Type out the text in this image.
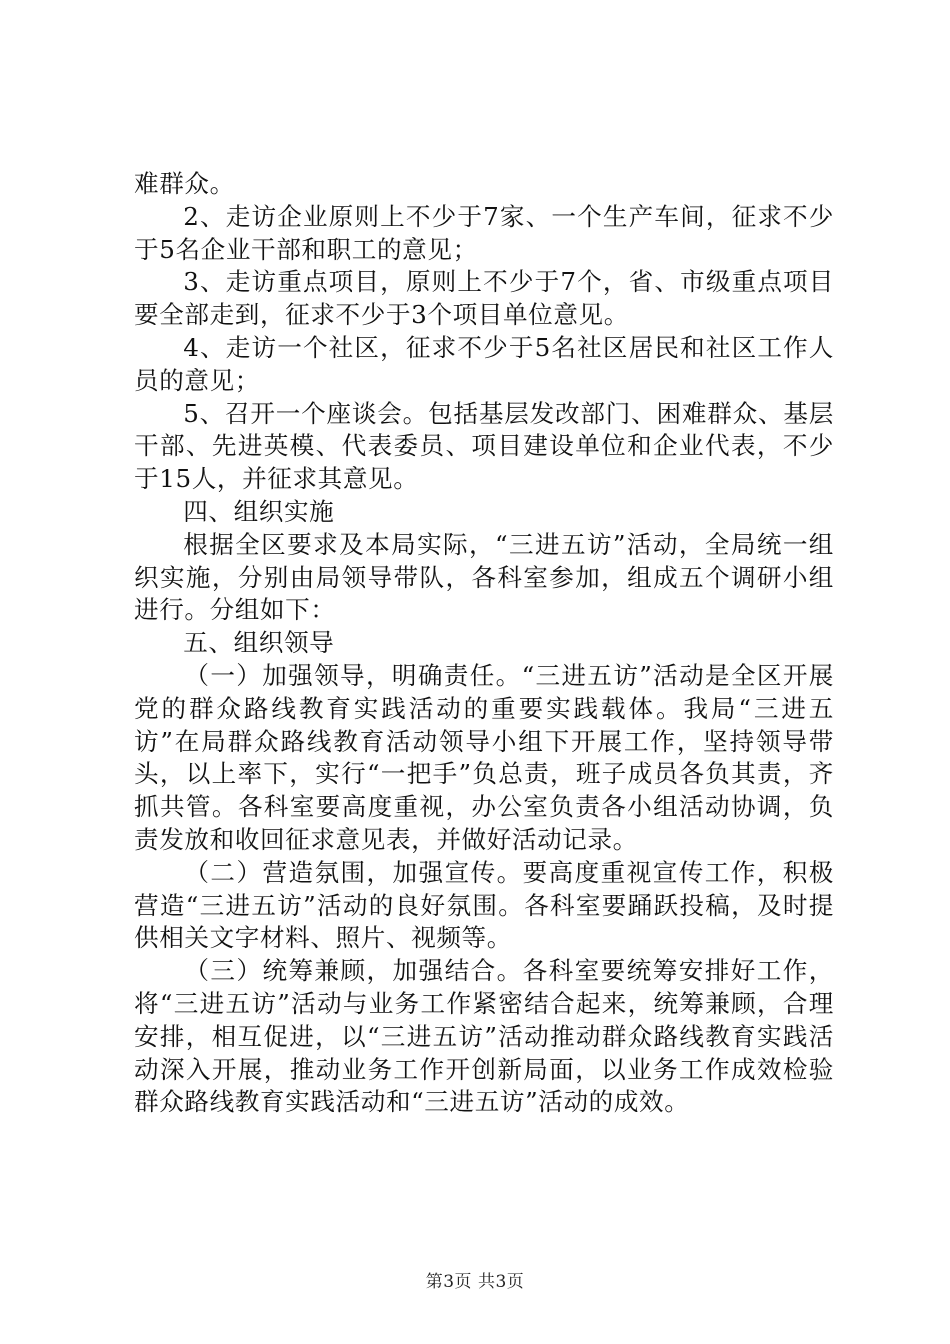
难群众。

2、走访企业原则上不少于7家、一个生产车间，征求不少于5名企业干部和职工的意见；

3、走访重点项目，原则上不少于7个，省、市级重点项目要全部走到，征求不少于3个项目单位意见。

4、走访一个社区，征求不少于5名社区居民和社区工作人员的意见；

5、召开一个座谈会。包括基层发改部门、困难群众、基层干部、先进英模、代表委员、项目建设单位和企业代表，不少于15人，并征求其意见。

四、组织实施

根据全区要求及本局实际，“三进五访”活动，全局统一组织实施，分别由局领导带队，各科室参加，组成五个调研小组进行。分组如下：

五、组织领导

（一）加强领导，明确责任。“三进五访”活动是全区开展党的群众路线教育实践活动的重要实践载体。我局“三进五访”在局群众路线教育活动领导小组下开展工作，坚持领导带头，以上率下，实行“一把手”负总责，班子成员各负其责，齐抓共管。各科室要高度重视，办公室负责各小组活动协调，负责发放和收回征求意见表，并做好活动记录。

（二）营造氛围，加强宣传。要高度重视宣传工作，积极营造“三进五访”活动的良好氛围。各科室要踊跃投稿，及时提供相关文字材料、照片、视频等。

（三）统筹兼顾，加强结合。各科室要统筹安排好工作，将“三进五访”活动与业务工作紧密结合起来，统筹兼顾，合理安排，相互促进，以“三进五访”活动推动群众路线教育实践活动深入开展，推动业务工作开创新局面，以业务工作成效检验群众路线教育实践活动和“三进五访”活动的成效。

第3页 共3页
